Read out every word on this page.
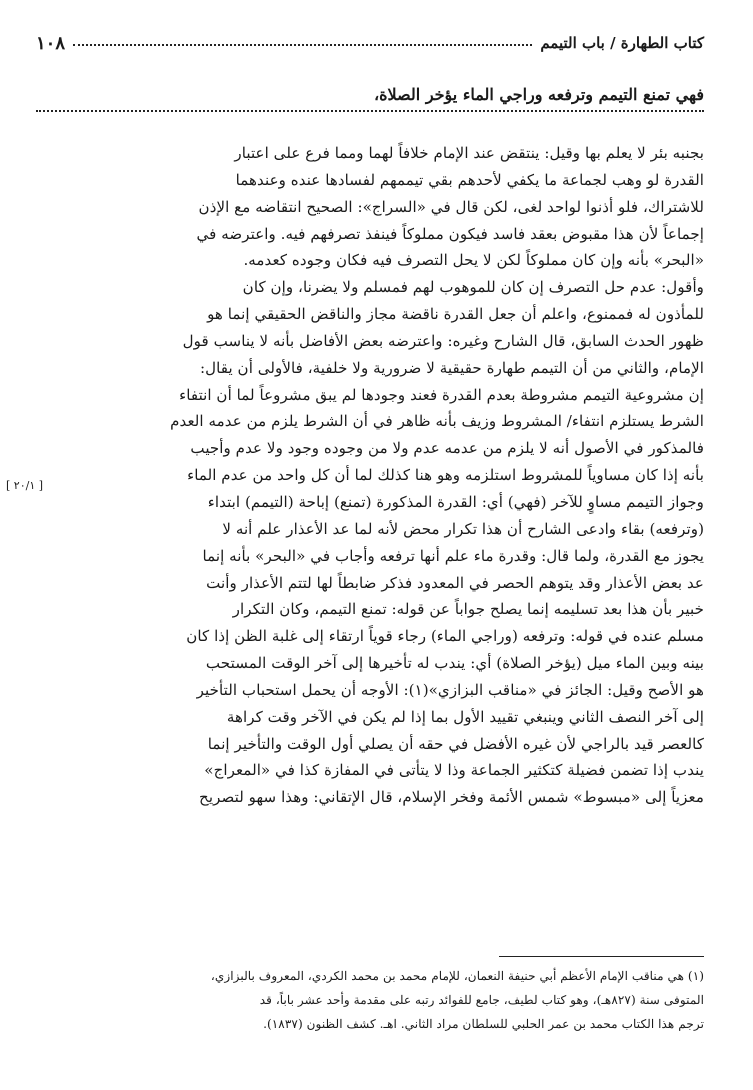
كتاب الطهارة / باب التيمم
١٠٨
فهي تمنع التيمم وترفعه وراجي الماء يؤخر الصلاة،
بجنبه بئر لا يعلم بها وقيل: ينتقض عند الإمام خلافاً لهما ومما فرع على اعتبار
القدرة لو وهب لجماعة ما يكفي لأحدهم بقي تيممهم لفسادها عنده وعندهما
للاشتراك، فلو أذنوا لواحد لغى، لكن قال في «السراج»: الصحيح انتقاضه مع الإذن
إجماعاً لأن هذا مقبوض بعقد فاسد فيكون مملوكاً فينفذ تصرفهم فيه. واعترضه في
«البحر» بأنه وإن كان مملوكاً لكن لا يحل التصرف فيه فكان وجوده كعدمه.
وأقول: عدم حل التصرف إن كان للموهوب لهم فمسلم ولا يضرنا، وإن كان
للمأذون له فممنوع، واعلم أن جعل القدرة ناقضة مجاز والناقض الحقيقي إنما هو
ظهور الحدث السابق، قال الشارح وغيره: واعترضه بعض الأفاضل بأنه لا يناسب قول
الإمام، والثاني من أن التيمم طهارة حقيقية لا ضرورية ولا خلفية، فالأولى أن يقال:
إن مشروعية التيمم مشروطة بعدم القدرة فعند وجودها لم يبق مشروعاً لما أن انتفاء
الشرط يستلزم انتفاء/ المشروط وزيف بأنه ظاهر في أن الشرط يلزم من عدمه العدم
فالمذكور في الأصول أنه لا يلزم من عدمه عدم ولا من وجوده وجود ولا عدم وأجيب
بأنه إذا كان مساوياً للمشروط استلزمه وهو هنا كذلك لما أن كل واحد من عدم الماء
وجواز التيمم مساوٍ للآخر (فهي) أي: القدرة المذكورة (تمنع) إباحة (التيمم) ابتداء
(وترفعه) بقاء وادعى الشارح أن هذا تكرار محض لأنه لما عد الأعذار علم أنه لا
يجوز مع القدرة، ولما قال: وقدرة ماء علم أنها ترفعه وأجاب في «البحر» بأنه إنما
عد بعض الأعذار وقد يتوهم الحصر في المعدود فذكر ضابطاً لها لتتم الأعذار وأنت
خبير بأن هذا بعد تسليمه إنما يصلح جواباً عن قوله: تمنع التيمم، وكان التكرار
مسلم عنده في قوله: وترفعه (وراجي الماء) رجاء قوياً ارتقاء إلى غلبة الظن إذا كان
بينه وبين الماء ميل (يؤخر الصلاة) أي: يندب له تأخيرها إلى آخر الوقت المستحب
هو الأصح وقيل: الجائز في «مناقب البزازي»(١): الأوجه أن يحمل استحباب التأخير
إلى آخر النصف الثاني وينبغي تقييد الأول بما إذا لم يكن في الآخر وقت كراهة
كالعصر قيد بالراجي لأن غيره الأفضل في حقه أن يصلي أول الوقت والتأخير إنما
يندب إذا تضمن فضيلة كتكثير الجماعة وذا لا يتأتى في المفازة كذا في «المعراج»
معزياً إلى «مبسوط» شمس الأئمة وفخر الإسلام، قال الإتقاني: وهذا سهو لتصريح
[ ٢٠/١ ]
(١) هي مناقب الإمام الأعظم أبي حنيفة النعمان، للإمام محمد بن محمد الكردي، المعروف بالبزازي،
المتوفى سنة (٨٢٧هـ)، وهو كتاب لطيف، جامع للفوائد رتبه على مقدمة وأحد عشر باباً، قد
ترجم هذا الكتاب محمد بن عمر الحلبي للسلطان مراد الثاني. اهـ. كشف الظنون (١٨٣٧).
